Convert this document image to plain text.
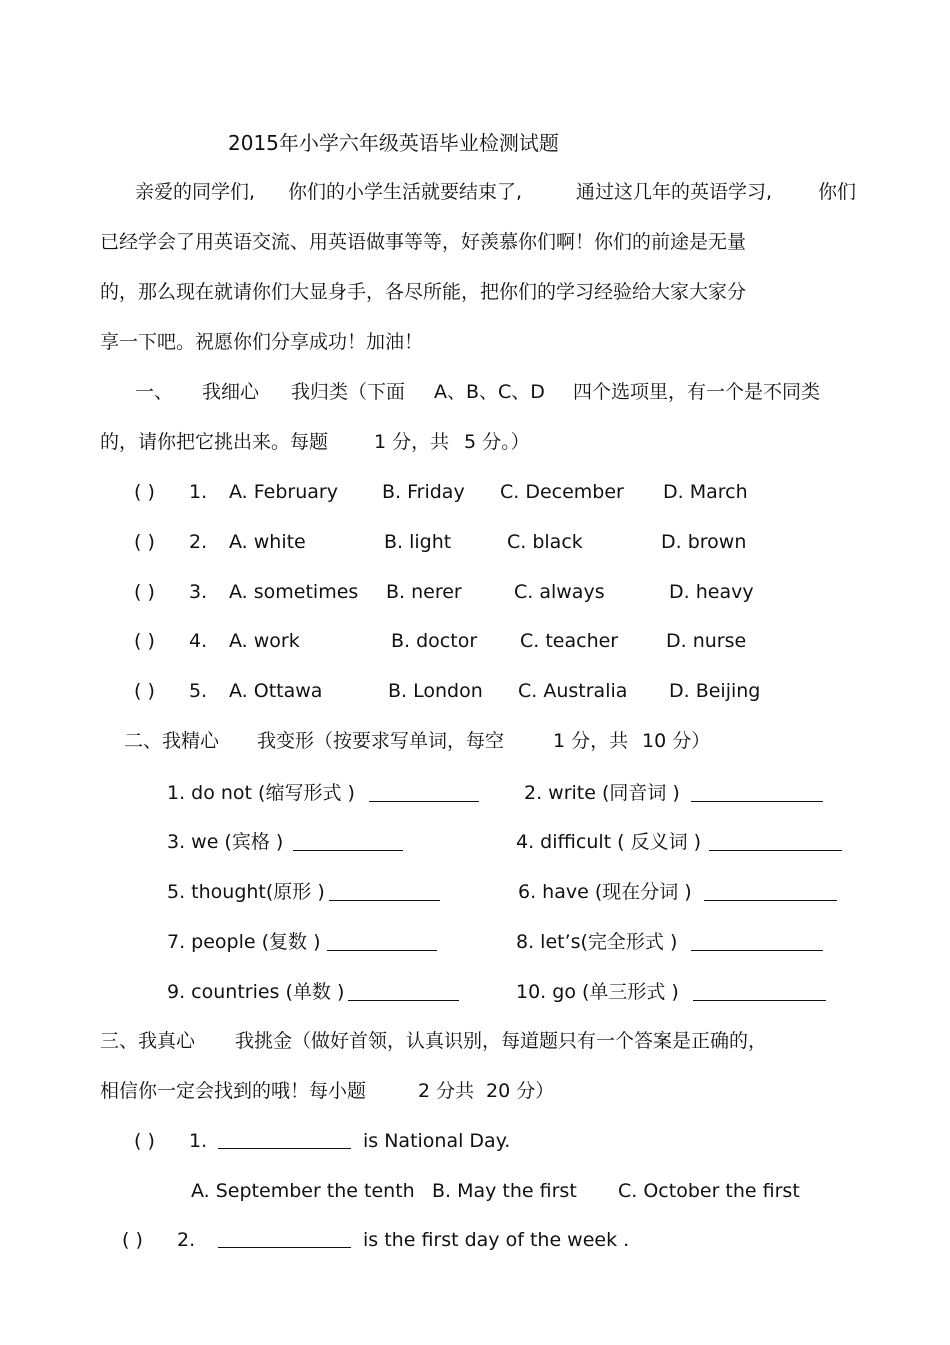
2015年小学六年级英语毕业检测试题
亲爱的同学们, 你们的小学生活就要结束了,	通过这几年的英语学习, 你们
已经学会了用英语交流、用英语做事等等，好羡慕你们啊！你们的前途是无量
的，那么现在就请你们大显身手，各尽所能，把你们的学习经验给大家大家分
享一下吧。祝愿你们分享成功！加油！
一、 我细心 我归类（下面 A、B、C、D 四个选项里，有一个是不同类
的，请你把它挑出来。每题 1 分，共 5 分。）
( ) 1. A. February B. Friday C. December D. March
( ) 2. A. white	B. light	C. black	D. brown
( ) 3. A. sometimes B. nerer	C. always	D. heavy
( ) 4. A. work	B. doctor C. teacher	D. nurse
( ) 5. A. Ottawa	B. London C. Australia D. Beijing
二、我精心 我变形（按要求写单词，每空	1 分，共 10 分）
1. do not (缩写形式 )	2. write (同音词 )
3. we (宾格 )	4. difficult ( 反义词 )
5. thought(原形 )	6. have (现在分词 )
7. people (复数 )	8. let’s(完全形式 )
9. countries (单数 )	10. go (单三形式 )
三、我真心 我挑金（做好首领，认真识别，每道题只有一个答案是正确的，
相信你一定会找到的哦！每小题	2 分共 20 分）
( ) 1.	is National Day.
A. September the tenth B. May the first C. October the first
( ) 2.	is the first day of the week .
